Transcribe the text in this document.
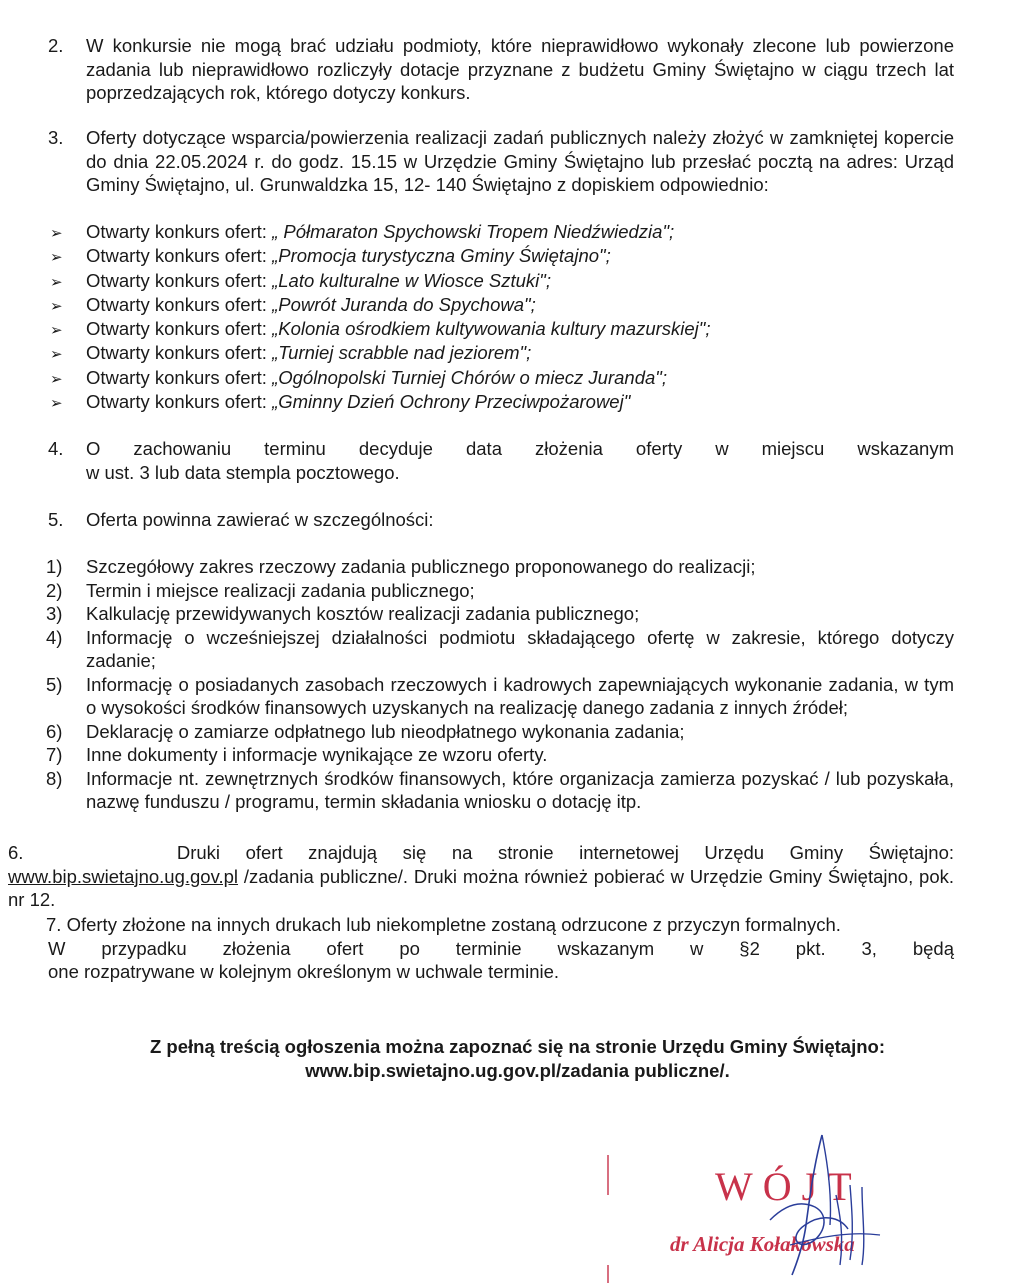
2. W konkursie nie mogą brać udziału podmioty, które nieprawidłowo wykonały zlecone lub powierzone zadania lub nieprawidłowo rozliczyły dotacje przyznane z budżetu Gminy Świętajno w ciągu trzech lat poprzedzających rok, którego dotyczy konkurs.
3. Oferty dotyczące wsparcia/powierzenia realizacji zadań publicznych należy złożyć w zamkniętej kopercie do dnia 22.05.2024 r. do godz. 15.15 w Urzędzie Gminy Świętajno lub przesłać pocztą na adres: Urząd Gminy Świętajno, ul. Grunwaldzka 15, 12- 140 Świętajno z dopiskiem odpowiednio:
➢ Otwarty konkurs ofert: „ Półmaraton Spychowski Tropem Niedźwiedzia";
➢ Otwarty konkurs ofert: „Promocja turystyczna Gminy Świętajno";
➢ Otwarty konkurs ofert: „Lato kulturalne w Wiosce Sztuki";
➢ Otwarty konkurs ofert: „Powrót Juranda do Spychowa";
➢ Otwarty konkurs ofert: „Kolonia ośrodkiem kultywowania kultury mazurskiej";
➢ Otwarty konkurs ofert: „Turniej scrabble nad jeziorem";
➢ Otwarty konkurs ofert: „Ogólnopolski Turniej Chórów o miecz Juranda";
➢ Otwarty konkurs ofert: „Gminny Dzień Ochrony Przeciwpożarowej"
4. O zachowaniu terminu decyduje data złożenia oferty w miejscu wskazanym
w ust. 3 lub data stempla pocztowego.
5. Oferta powinna zawierać w szczególności:
1) Szczegółowy zakres rzeczowy zadania publicznego proponowanego do realizacji;
2) Termin i miejsce realizacji zadania publicznego;
3) Kalkulację przewidywanych kosztów realizacji zadania publicznego;
4) Informację o wcześniejszej działalności podmiotu składającego ofertę w zakresie, którego dotyczy zadanie;
5) Informację o posiadanych zasobach rzeczowych i kadrowych zapewniających wykonanie zadania, w tym o wysokości środków finansowych uzyskanych na realizację danego zadania z innych źródeł;
6) Deklarację o zamiarze odpłatnego lub nieodpłatnego wykonania zadania;
7) Inne dokumenty i informacje wynikające ze wzoru oferty.
8) Informacje nt. zewnętrznych środków finansowych, które organizacja zamierza pozyskać / lub pozyskała, nazwę funduszu / programu, termin składania wniosku o dotację itp.
6.      Druki ofert znajdują się na stronie internetowej Urzędu Gminy Świętajno:
www.bip.swietajno.ug.gov.pl /zadania publiczne/. Druki można również pobierać w Urzędzie Gminy Świętajno, pok. nr 12.
7. Oferty złożone na innych drukach lub niekompletne zostaną odrzucone z przyczyn formalnych.
W przypadku złożenia ofert po terminie wskazanym w §2 pkt. 3, będą
one rozpatrywane w kolejnym określonym w uchwale terminie.
Z pełną treścią ogłoszenia można zapoznać się na stronie Urzędu Gminy Świętajno:
www.bip.swietajno.ug.gov.pl/zadania publiczne/.
WÓJT
dr Alicja Kołakowska
